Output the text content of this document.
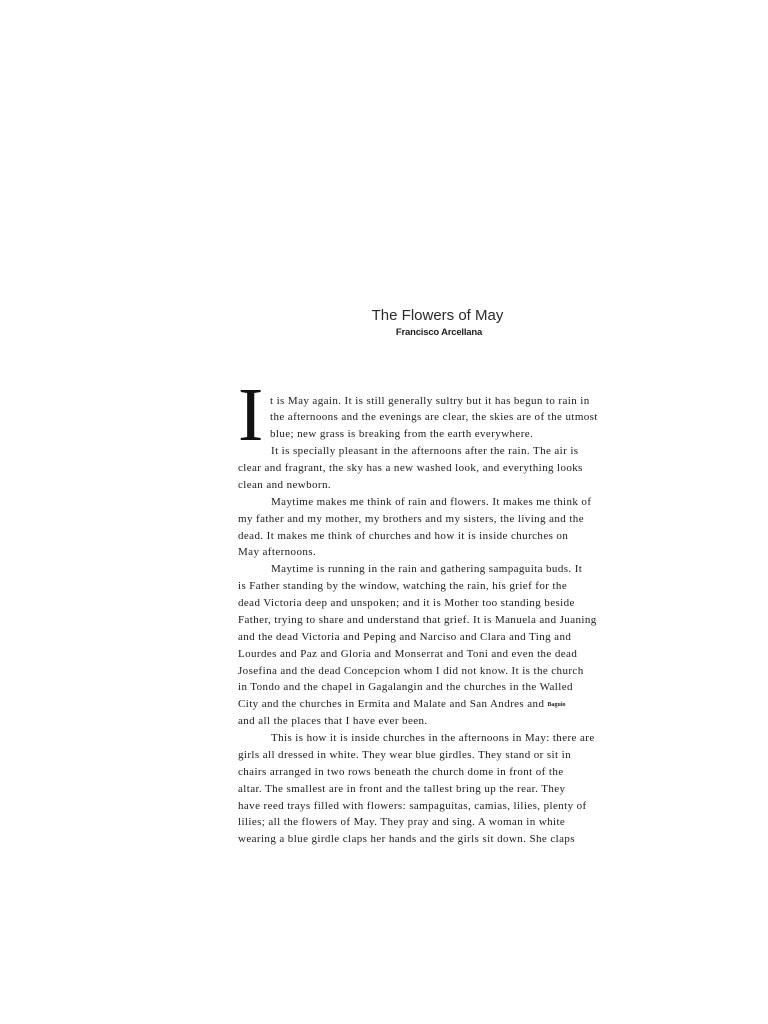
The Flowers of May
Francisco Arcellana
I t is May again. It is still generally sultry but it has begun to rain in
the afternoons and the evenings are clear, the skies are of the utmost
blue; new grass is breaking from the earth everywhere.
It is specially pleasant in the afternoons after the rain. The air is
clear and fragrant, the sky has a new washed look, and everything looks
clean and newborn.
Maytime makes me think of rain and flowers. It makes me think of
my father and my mother, my brothers and my sisters, the living and the
dead. It makes me think of churches and how it is inside churches on
May afternoons.
Maytime is running in the rain and gathering sampaguita buds. It
is Father standing by the window, watching the rain, his grief for the
dead Victoria deep and unspoken; and it is Mother too standing beside
Father, trying to share and understand that grief. It is Manuela and Juaning
and the dead Victoria and Peping and Narciso and Clara and Ting and
Lourdes and Paz and Gloria and Monserrat and Toni and even the dead
Josefina and the dead Concepcion whom I did not know. It is the church
in Tondo and the chapel in Gagalangin and the churches in the Walled
City and the churches in Ermita and Malate and San Andres and Baguio
and all the places that I have ever been.
This is how it is inside churches in the afternoons in May: there are
girls all dressed in white. They wear blue girdles. They stand or sit in
chairs arranged in two rows beneath the church dome in front of the
altar. The smallest are in front and the tallest bring up the rear. They
have reed trays filled with flowers: sampaguitas, camias, lilies, plenty of
lilies; all the flowers of May. They pray and sing. A woman in white
wearing a blue girdle claps her hands and the girls sit down. She claps
